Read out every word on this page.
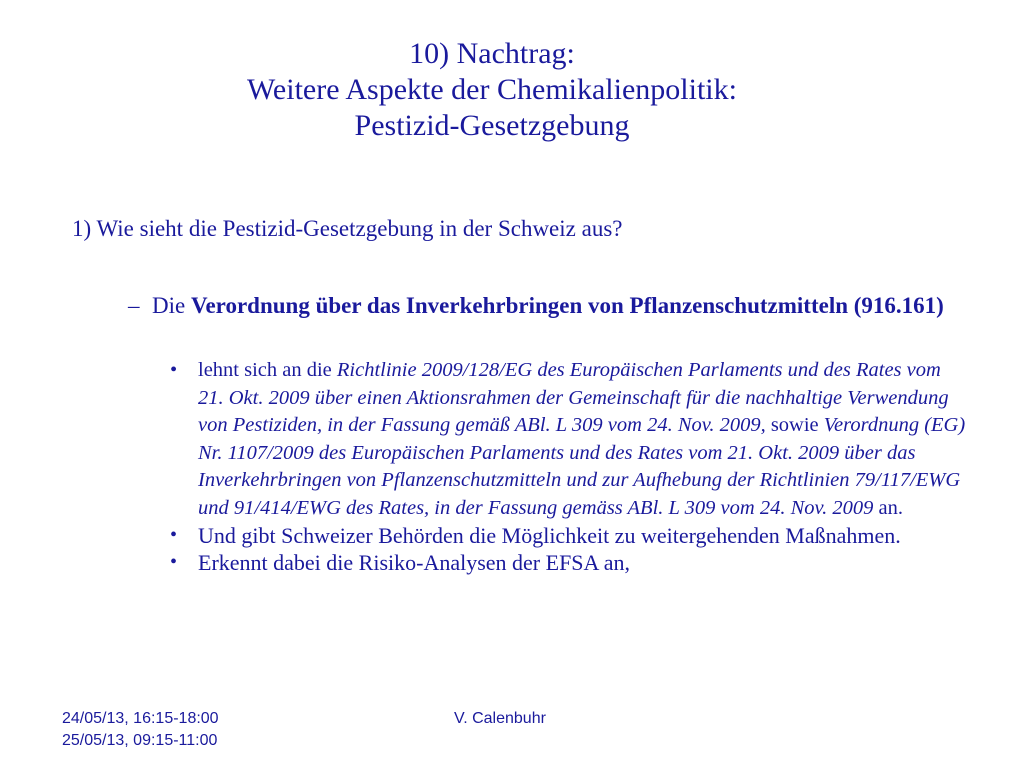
10) Nachtrag:
Weitere Aspekte der Chemikalienpolitik:
Pestizid-Gesetzgebung
1) Wie sieht die Pestizid-Gesetzgebung in der Schweiz aus?
– Die Verordnung über das Inverkehrbringen von Pflanzenschutzmitteln (916.161)
• lehnt sich an die Richtlinie 2009/128/EG des Europäischen Parlaments und des Rates vom 21. Okt. 2009 über einen Aktionsrahmen der Gemeinschaft für die nachhaltige Verwendung von Pestiziden, in der Fassung gemäß ABl. L 309 vom 24. Nov. 2009, sowie Verordnung (EG) Nr. 1107/2009 des Europäischen Parlaments und des Rates vom 21. Okt. 2009 über das Inverkehrbringen von Pflanzenschutzmitteln und zur Aufhebung der Richtlinien 79/117/EWG und 91/414/EWG des Rates, in der Fassung gemäss ABl. L 309 vom 24. Nov. 2009 an.
• Und gibt Schweizer Behörden die Möglichkeit zu weitergehenden Maßnahmen.
• Erkennt dabei die Risiko-Analysen der EFSA an,
24/05/13, 16:15-18:00
25/05/13, 09:15-11:00
V. Calenbuhr
